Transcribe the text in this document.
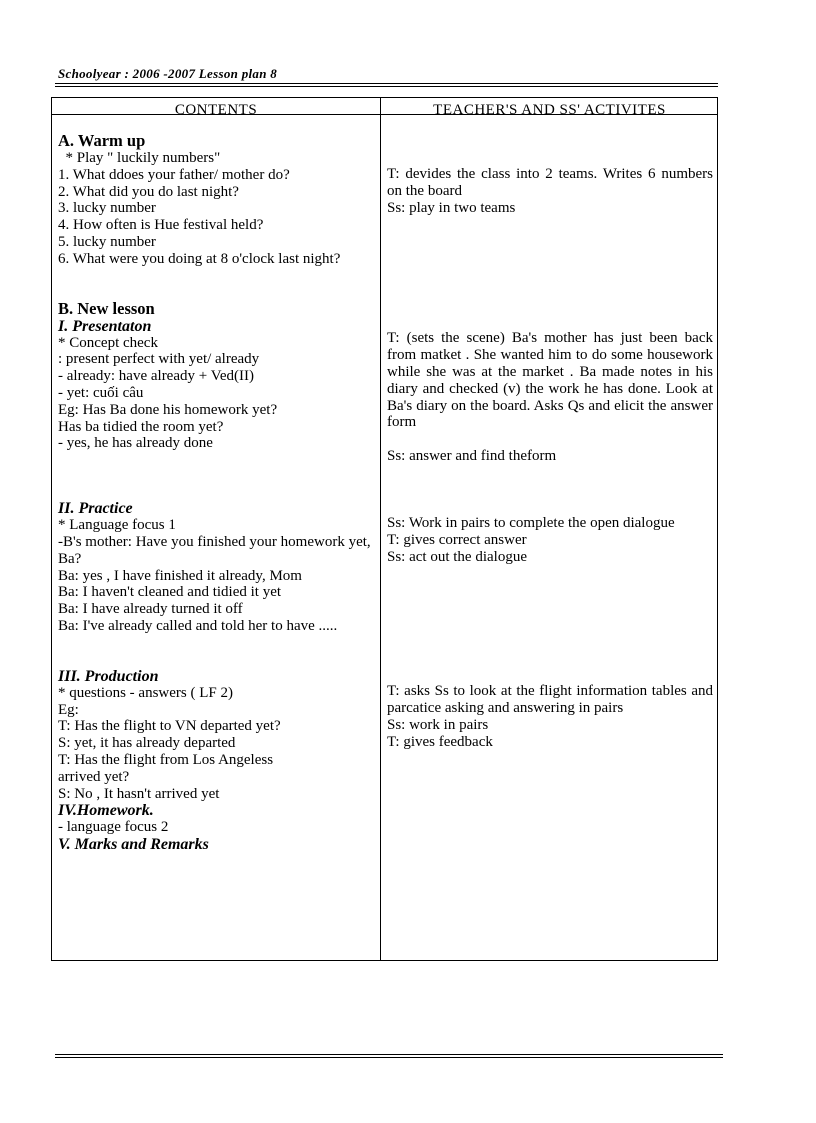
Schoolyear : 2006 -2007 Lesson plan 8
CONTENTS	TEACHER'S AND SS' ACTIVITES
A. Warm up
* Play " luckily numbers"
1. What ddoes your father/ mother do?
2. What did you do last night?
3. lucky number
4. How often is Hue festival held?
5. lucky number
6. What were you doing at 8 o'clock last night?
B. New lesson
I. Presentaton
* Concept check
: present perfect with yet/ already
- already: have already + Ved(II)
- yet: cuối câu
Eg: Has Ba done his homework yet?
Has ba tidied the room yet?
- yes, he has already done
II. Practice
* Language focus 1
-B's mother: Have you finished your homework yet, Ba?
Ba: yes , I have finished it already, Mom
Ba: I haven't cleaned and tidied it yet
Ba: I have already turned it off
Ba: I've already called and told her to have .....
III. Production
* questions - answers ( LF 2)
Eg:
T: Has the flight to VN departed yet?
S: yet, it has already departed
T: Has the flight from Los Angeless arrived yet?
S: No , It hasn't arrived yet
IV.Homework.
- language focus 2
V. Marks and Remarks
T: devides the class into 2 teams. Writes 6 numbers on the board
Ss: play in two teams
T: (sets the scene) Ba's mother has just been back from matket . She wanted him to do some housework while she was at the market . Ba made notes in his diary and checked (v) the work he has done. Look at Ba's diary on the board. Asks Qs and elicit the answer form
Ss: answer and find theform
Ss: Work in pairs to complete the open dialogue
T: gives correct answer
Ss: act out the dialogue
T: asks Ss to look at the flight information tables and parcatice asking and answering in pairs
Ss: work in pairs
T: gives feedback
